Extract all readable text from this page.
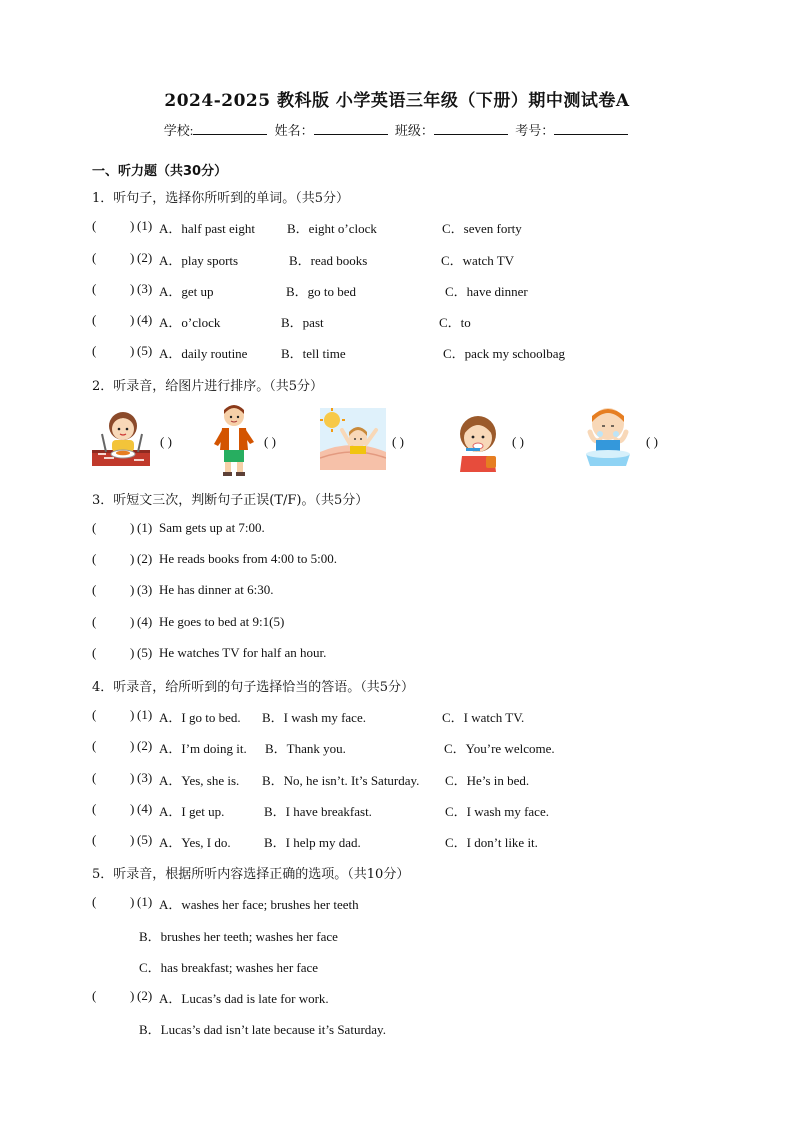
2024-2025 教科版 小学英语三年级（下册）期中测试卷A
学校:	姓名：	班级：	考号：
一、听力题（共30分）
1．听句子，选择你所听到的单词。（共5分）
(	) (1) A．half past eight B．eight o’clock	C．seven forty
(	) (2) A．play sports	B．read books	C．watch TV
(	) (3) A．get up	B．go to bed	C．have dinner
(	) (4) A．o’clock	B．past	C．to
(	) (5) A．daily routine	B．tell time	C．pack my schoolbag
2．听录音，给图片进行排序。（共5分）
( )	( )	( )	( )	( )
3．听短文三次，判断句子正误(T/F)。（共5分）
(	) (1) Sam gets up at 7:00.
(	) (2) He reads books from 4:00 to 5:00.
(	) (3) He has dinner at 6:30.
(	) (4) He goes to bed at 9:1(5)
(	) (5) He watches TV for half an hour.
4．听录音，给所听到的句子选择恰当的答语。（共5分）
(	) (1) A．I go to bed. B．I wash my face.	C．I watch TV.
(	) (2) A．I’m doing it. B．Thank you.	C．You’re welcome.
(	) (3) A．Yes, she is. B．No, he isn’t. It’s Saturday. C．He’s in bed.
(	) (4) A．I get up.	B．I have breakfast.	C．I wash my face.
(	) (5) A．Yes, I do.	B．I help my dad.	C．I don’t like it.
5．听录音，根据所听内容选择正确的选项。（共10分）
(	) (1) A．washes her face; brushes her teeth
B．brushes her teeth; washes her face
C．has breakfast; washes her face
(	) (2) A．Lucas’s dad is late for work.
B．Lucas’s dad isn’t late because it’s Saturday.
